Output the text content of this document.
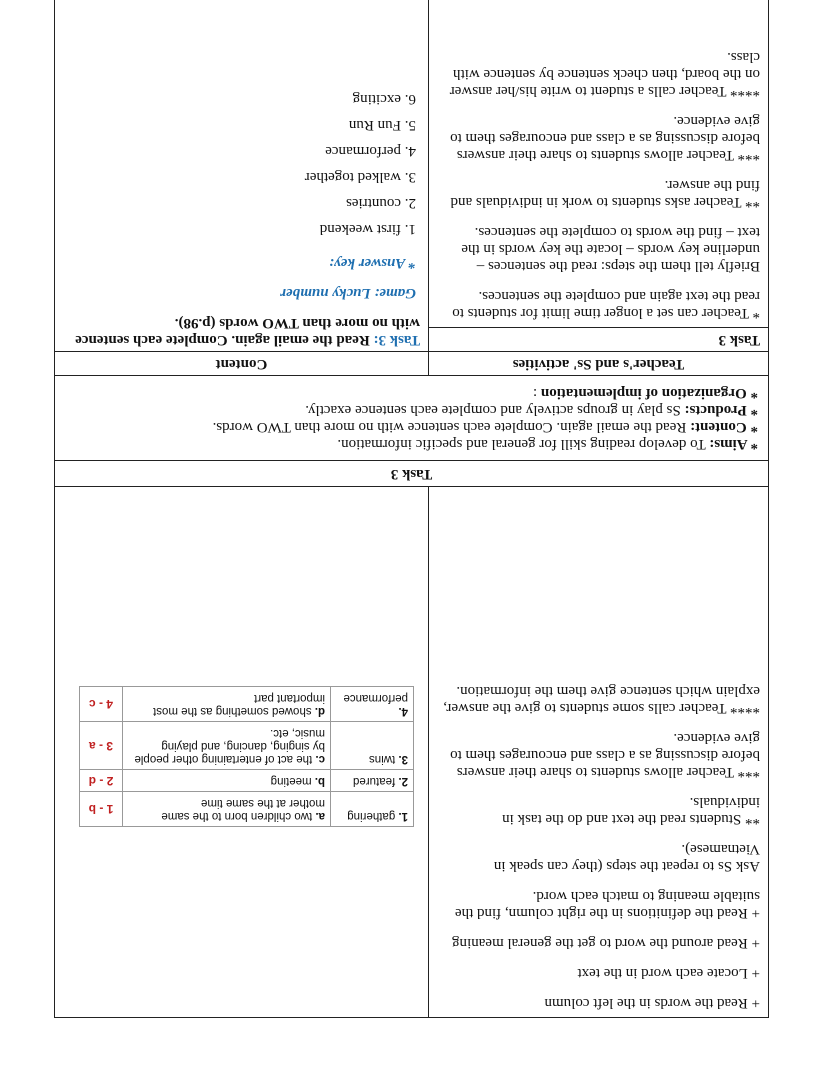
+ Read the words in the left column

+ Locate each word in the text

+ Read around the word to get the general meaning

+ Read the definitions in the right column, find the suitable meaning to match each word.

Ask Ss to repeat the steps (they can speak in Vietnamese).

** Students read the text and do the task in individuals.

*** Teacher allows students to share their answers before discussing as a class and encourages them to give evidence.

**** Teacher calls some students to give the answer, explain which sentence give them the information.

1. gathering	a. two children born to the same mother at the same time	1 - b
2. featured	b. meeting	2 - d
3. twins	c. the act of entertaining other people by singing, dancing, and playing music, etc.	3 - a
4. performance	d. showed something as the most important part	4 - c
Task 3

* Aims: To develop reading skill for general and specific information.

* Content: Read the email again. Complete each sentence with no more than TWO words.

* Products: Ss play in groups actively and complete each sentence exactly.

* Organization of implementation :

Teacher's and Ss' activities
Content
Task 3

* Teacher can set a longer time limit for students to read the text again and complete the sentences.

Briefly tell them the steps: read the sentences – underline key words – locate the key words in the text – find the words to complete the sentences.

** Teacher asks students to work in individuals and find the answer.

*** Teacher allows students to share their answers before discussing as a class and encourages them to give evidence.

**** Teacher calls a student to write his/her answer on the board, then check sentence by sentence with class.

Task 3: Read the email again. Complete each sentence with no more than TWO words (p.98).

Game: Lucky number

* Answer key:

1. first weekend

2. countries

3. walked together

4. performance

5. Fun Run

6. exciting
